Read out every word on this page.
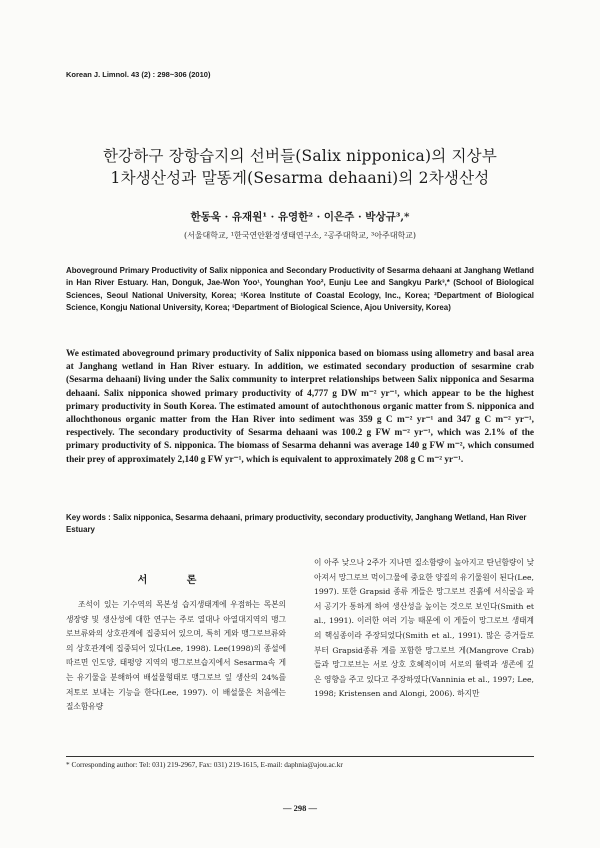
Korean J. Limnol. 43 (2) : 298~306 (2010)
한강하구 장항습지의 선버들(Salix nipponica)의 지상부
1차생산성과 말똥게(Sesarma dehaani)의 2차생산성
한동욱 · 유재원¹ · 유영한² · 이은주 · 박상규³,*
(서울대학교, ¹한국연안환경생태연구소, ²공주대학교, ³아주대학교)
Aboveground Primary Productivity of Salix nipponica and Secondary Productivity of Sesarma dehaani at Janghang Wetland in Han River Estuary. Han, Donguk, Jae-Won Yoo¹, Younghan Yoo², Eunju Lee and Sangkyu Park³,* (School of Biological Sciences, Seoul National University, Korea; ¹Korea Institute of Coastal Ecology, Inc., Korea; ²Department of Biological Science, Kongju National University, Korea; ³Department of Biological Science, Ajou University, Korea)
We estimated aboveground primary productivity of Salix nipponica based on biomass using allometry and basal area at Janghang wetland in Han River estuary. In addition, we estimated secondary production of sesarmine crab (Sesarma dehaani) living under the Salix community to interpret relationships between Salix nipponica and Sesarma dehaani. Salix nipponica showed primary productivity of 4,777 g DW m⁻² yr⁻¹, which appear to be the highest primary productivity in South Korea. The estimated amount of autochthonous organic matter from S. nipponica and allochthonous organic matter from the Han River into sediment was 359 g C m⁻² yr⁻¹ and 347 g C m⁻² yr⁻¹, respectively. The secondary productivity of Sesarma dehaani was 100.2 g FW m⁻² yr⁻¹, which was 2.1% of the primary productivity of S. nipponica. The biomass of Sesarma dehanni was average 140 g FW m⁻², which consumed their prey of approximately 2,140 g FW yr⁻¹, which is equivalent to approximately 208 g C m⁻² yr⁻¹.
Key words : Salix nipponica, Sesarma dehaani, primary productivity, secondary productivity, Janghang Wetland, Han River Estuary
서 론
조석이 있는 기수역의 목본성 습지생태계에 우점하는 목본의 생장량 및 생산성에 대한 연구는 주로 열대나 아열대지역의 맹그로브류와의 상호관계에 집중되어 있으며, 특히 게와 맹그로브류와의 상호관계에 집중되어 있다(Lee, 1998). Lee(1998)의 종설에 따르면 인도양, 태평양 지역의 맹그로브습지에서 Sesarma속 게는 유기물을 분해하여 배설물형태로 맹그로브 잎 생산의 24%를 저토로 보내는 기능을 한다(Lee, 1997). 이 배설물은 처음에는 질소함유량
이 아주 낮으나 2주가 지나면 질소함량이 높아지고 탄닌함량이 낮아져서 망그로브 먹이그물에 중요한 양질의 유기물원이 된다(Lee, 1997). 또한 Grapsid 종류 게들은 망그로브 진흙에 서식굴을 파서 공기가 통하게 하여 생산성을 높이는 것으로 보인다(Smith et al., 1991). 이러한 여러 기능 때문에 이 게들이 망그로브 생태계의 핵심종이라 주장되었다(Smith et al., 1991). 많은 증거들로부터 Grapsid종류 게를 포함한 망그로브 게(Mangrove Crab)들과 망그로브는 서로 상호 호혜적이며 서로의 활력과 생존에 깊은 영향을 주고 있다고 주장하였다(Vanninia et al., 1997; Lee, 1998; Kristensen and Alongi, 2006). 하지만
* Corresponding author: Tel: 031) 219-2967, Fax: 031) 219-1615, E-mail: daphnia@ajou.ac.kr
— 298 —
